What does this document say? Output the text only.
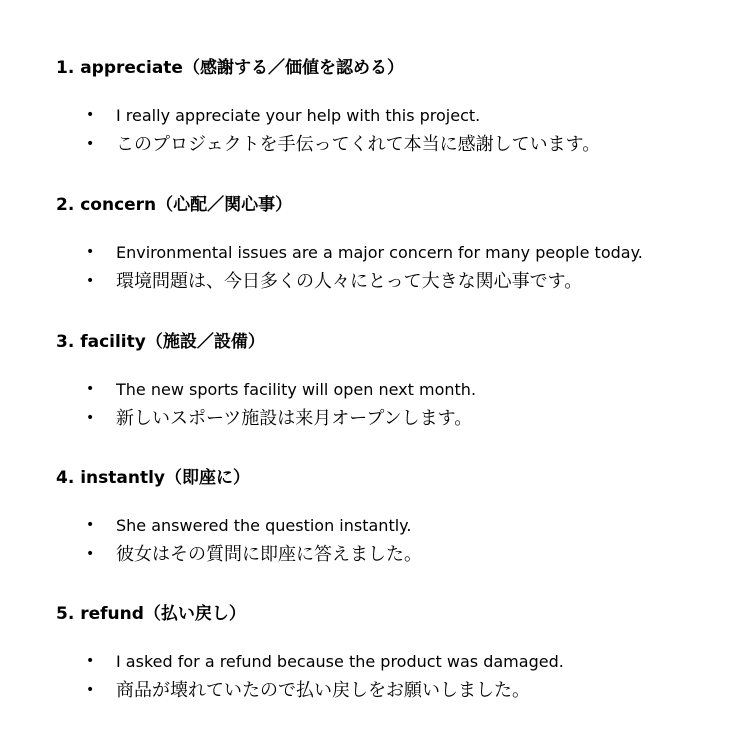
1. appreciate（感謝する／価値を認める）

• I really appreciate your help with this project.
• このプロジェクトを手伝ってくれて本当に感謝しています。

2. concern（心配／関心事）

• Environmental issues are a major concern for many people today.
• 環境問題は、今日多くの人々にとって大きな関心事です。

3. facility（施設／設備）

• The new sports facility will open next month.
• 新しいスポーツ施設は来月オープンします。

4. instantly（即座に）

• She answered the question instantly.
• 彼女はその質問に即座に答えました。

5. refund（払い戻し）

• I asked for a refund because the product was damaged.
• 商品が壊れていたので払い戻しをお願いしました。
